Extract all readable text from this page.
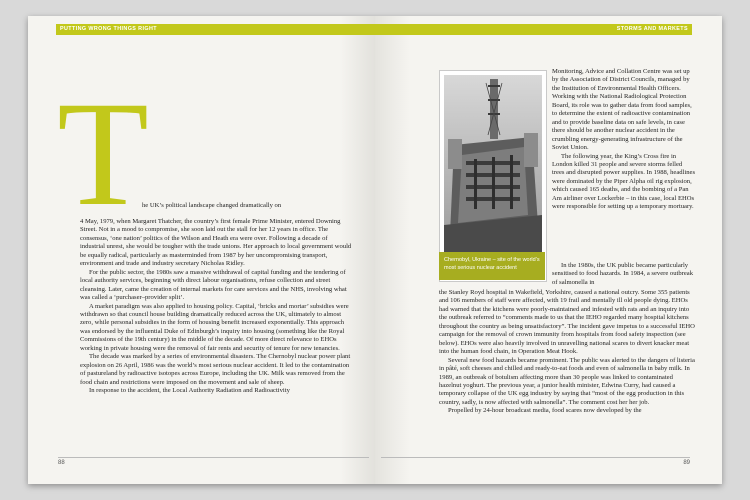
PUTTING WRONG THINGS RIGHT
T

he UK’s political landscape changed dramatically on

4 May, 1979, when Margaret Thatcher, the country’s first female Prime Minister, entered Downing Street. Not in a mood to compromise, she soon laid out the stall for her 12 years in office. The consensus, ‘one nation’ politics of the Wilson and Heath era were over. Following a decade of industrial unrest, she would be tougher with the trade unions. Her approach to local government would be equally radical, particularly as masterminded from 1987 by her uncompromising transport, environment and trade and industry secretary Nicholas Ridley.

For the public sector, the 1980s saw a massive withdrawal of capital funding and the tendering of local authority services, beginning with direct labour organisations, refuse collection and street cleansing. Later, came the creation of internal markets for care services and the NHS, involving what was called a ‘purchaser–provider split’.

A market paradigm was also applied to housing policy. Capital, ‘bricks and mortar’ subsidies were withdrawn so that council house building dramatically reduced across the UK, ultimately to almost zero, while personal subsidies in the form of housing benefit increased exponentially. This approach was endorsed by the influential Duke of Edinburgh’s inquiry into housing (something like the Royal Commissions of the 19th century) in the middle of the decade. Of more direct relevance to EHOs working in private housing were the removal of fair rents and security of tenure for new tenancies.

The decade was marked by a series of environmental disasters. The Chernobyl nuclear power plant explosion on 26 April, 1986 was the world’s most serious nuclear accident. It led to the contamination of pastureland by radioactive isotopes across Europe, including the UK. Milk was removed from the food chain and restrictions were imposed on the movement and sale of sheep.

In response to the accident, the Local Authority Radiation and Radioactivity

88
STORMS AND MARKETS
Chernobyl, Ukraine – site of the world’s most serious nuclear accident

Monitoring, Advice and Collation Centre was set up by the Association of District Councils, managed by the Institution of Environmental Health Officers. Working with the National Radiological Protection Board, its role was to gather data from food samples, to determine the extent of radioactive contamination and to provide baseline data on safe levels, in case there should be another nuclear accident in the crumbling energy-generating infrastructure of the Soviet Union.

The following year, the King’s Cross fire in London killed 31 people and severe storms felled trees and disrupted power supplies. In 1988, headlines were dominated by the Piper Alpha oil rig explosion, which caused 165 deaths, and the bombing of a Pan Am airliner over Lockerbie – in this case, local EHOs were responsible for setting up a temporary mortuary.

In the 1980s, the UK public became particularly sensitised to food hazards. In 1984, a severe outbreak of salmonella in

the Stanley Royd hospital in Wakefield, Yorkshire, caused a national outcry. Some 355 patients and 106 members of staff were affected, with 19 frail and mentally ill old people dying. EHOs had warned that the kitchens were poorly-maintained and infested with rats and an inquiry into the outbreak referred to “comments made to us that the IEHO regarded many hospital kitchens throughout the country as being unsatisfactory”. The incident gave impetus to a successful IEHO campaign for the removal of crown immunity from hospitals from food safety inspection (see below). EHOs were also heavily involved in unravelling national scares to divert knacker meat into the human food chain, in Operation Meat Hook.

Several new food hazards became prominent. The public was alerted to the dangers of listeria in pâté, soft cheeses and chilled and ready-to-eat foods and even of salmonella in baby milk. In 1989, an outbreak of botulism affecting more than 30 people was linked to contaminated hazelnut yoghurt. The previous year, a junior health minister, Edwina Curry, had caused a temporary collapse of the UK egg industry by saying that “most of the egg production in this country, sadly, is now affected with salmonella”. The comment cost her her job.

Propelled by 24-hour broadcast media, food scares now developed by the

89
